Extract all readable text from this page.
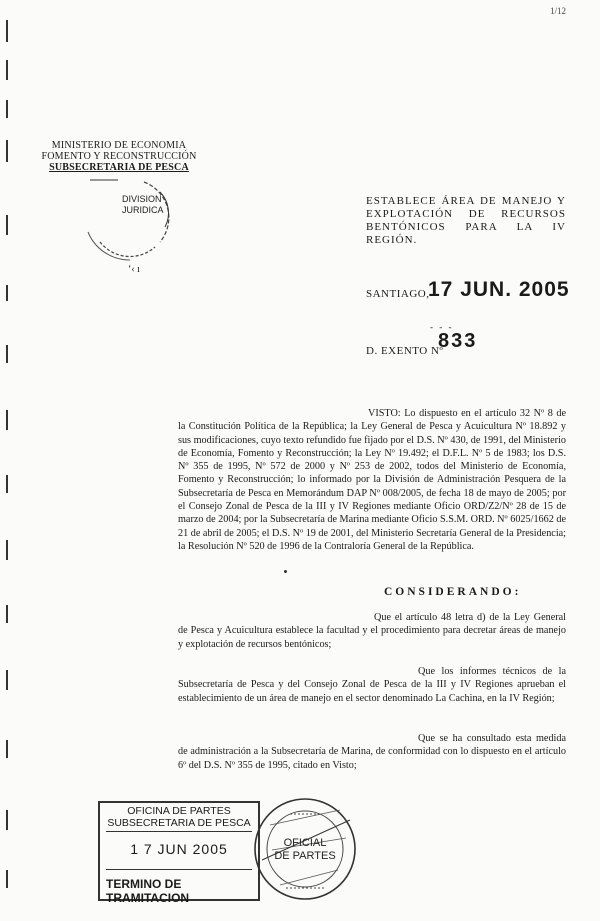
1/12
MINISTERIO DE ECONOMIA
FOMENTO Y RECONSTRUCCIÓN
SUBSECRETARIA DE PESCA
DIVISION
JURIDICA
ʻ‹ ı
ESTABLECE ÁREA DE MANEJO Y EXPLOTACIÓN DE RECURSOS BENTÓNICOS PARA LA IV REGIÓN.
SANTIAGO,
17 JUN. 2005
- - -
D. EXENTO Nº
833
VISTO: Lo dispuesto en el artículo 32 Nº 8 de la Constitución Política de la República; la Ley General de Pesca y Acuicultura Nº 18.892 y sus modificaciones, cuyo texto refundido fue fijado por el D.S. Nº 430, de 1991, del Ministerio de Economía, Fomento y Reconstrucción; la Ley Nº 19.492; el D.F.L. Nº 5 de 1983; los D.S. Nº 355 de 1995, Nº 572 de 2000 y Nº 253 de 2002, todos del Ministerio de Economía, Fomento y Reconstrucción; lo informado por la División de Administración Pesquera de la Subsecretaría de Pesca en Memorándum DAP Nº 008/2005, de fecha 18 de mayo de 2005; por el Consejo Zonal de Pesca de la III y IV Regiones mediante Oficio ORD/Z2/Nº 28 de 15 de marzo de 2004; por la Subsecretaría de Marina mediante Oficio S.S.M. ORD. Nº 6025/1662 de 21 de abril de 2005; el D.S. Nº 19 de 2001, del Ministerio Secretaría General de la Presidencia; la Resolución Nº 520 de 1996 de la Contraloría General de la República.
CONSIDERANDO:
Que el artículo 48 letra d) de la Ley General de Pesca y Acuicultura establece la facultad y el procedimiento para decretar áreas de manejo y explotación de recursos bentónicos;
Que los informes técnicos de la Subsecretaría de Pesca y del Consejo Zonal de Pesca de la III y IV Regiones aprueban el establecimiento de un área de manejo en el sector denominado La Cachina, en la IV Región;
Que se ha consultado esta medida de administración a la Subsecretaría de Marina, de conformidad con lo dispuesto en el artículo 6º del D.S. Nº 355 de 1995, citado en Visto;
OFICINA DE PARTES
SUBSECRETARIA DE PESCA
1 7 JUN 2005
TERMINO DE TRAMITACION
OFICIAL
DE PARTES
